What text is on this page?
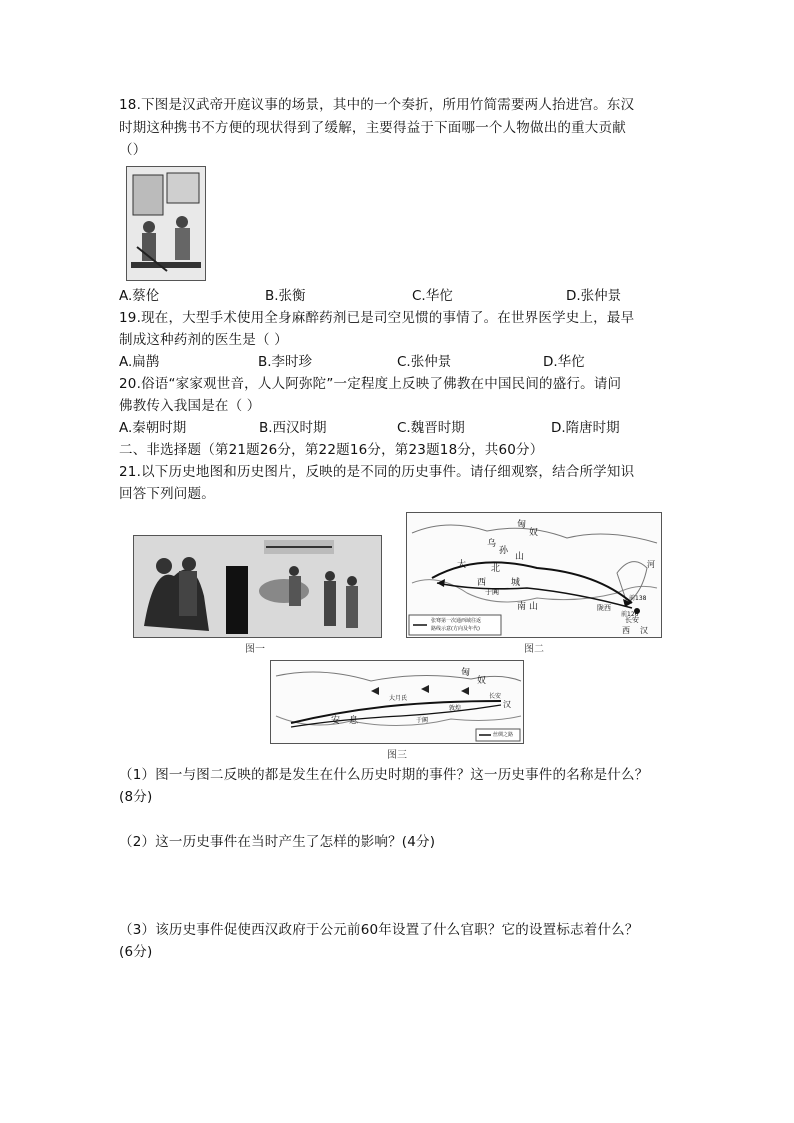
18.下图是汉武帝开庭议事的场景，其中的一个奏折，所用竹简需要两人抬进宫。东汉
时期这种携书不方便的现状得到了缓解，主要得益于下面哪一个人物做出的重大贡献
（）
A.蔡伦	B.张衡	C.华佗	D.张仲景
19.现在，大型手术使用全身麻醉药剂已是司空见惯的事情了。在世界医学史上，最早
制成这种药剂的医生是（ ）
A.扁鹊	B.李时珍	C.张仲景	D.华佗
20.俗语“家家观世音，人人阿弥陀”一定程度上反映了佛教在中国民间的盛行。请问
佛教传入我国是在（ ）
A.秦朝时期	B.西汉时期	C.魏晋时期	D.隋唐时期
二、非选择题（第21题26分，第22题16分，第23题18分，共60分）
21.以下历史地图和历史图片，反映的是不同的历史事件。请仔细观察，结合所学知识
回答下列问题。
图一
匈
奴
乌
孙
山
大	北
西	城
南 山
于阗
陇西
长安
西 汉
前138
前126
河
张骞第一次通西域往返
路线示意(方向及年代)
图二
匈
奴
安 息
大月氏
于阗
敦煌
长安
汉
丝绸之路
图三
（1）图一与图二反映的都是发生在什么历史时期的事件？这一历史事件的名称是什么？
(8分)
（2）这一历史事件在当时产生了怎样的影响？(4分)
（3）该历史事件促使西汉政府于公元前60年设置了什么官职？它的设置标志着什么？
(6分)
